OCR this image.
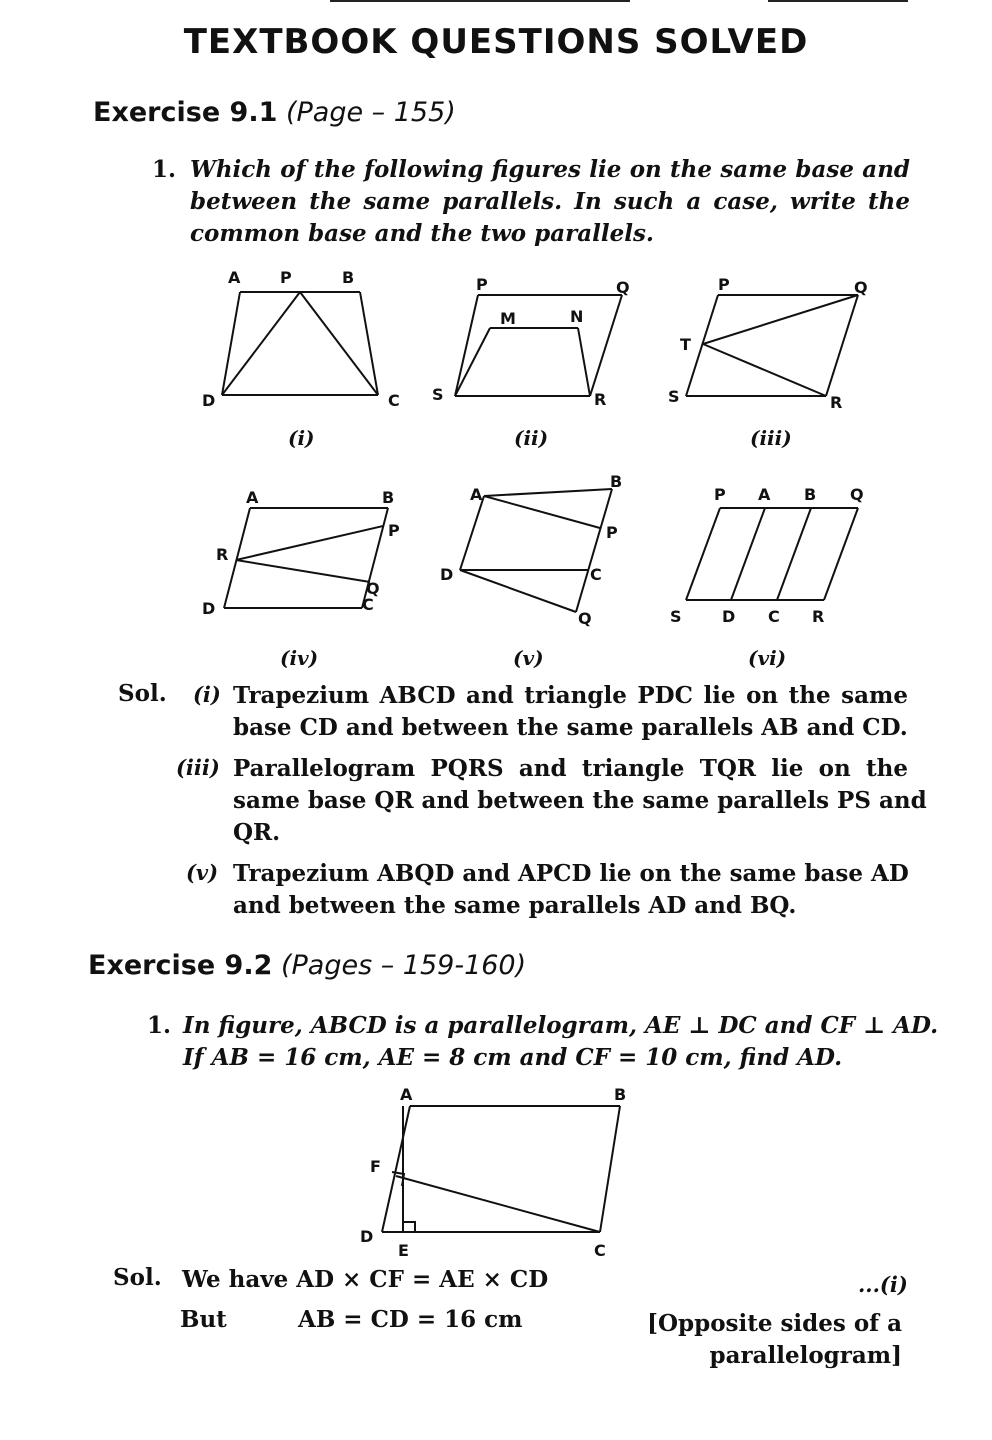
TEXTBOOK QUESTIONS SOLVED
Exercise 9.1 (Page – 155)
1. Which of the following figures lie on the same base and
between the same parallels. In such a case, write the
common base and the two parallels.
A P	B
D	C
(i)
P	Q
M	N
S	R
(ii)
P	Q
T
S	R
(iii)
A	B
P
R
Q
D	C
(iv)
A
B
P
D	C
Q
(v)
P A B Q
S	D C R
(vi)
Sol. (i) Trapezium ABCD and triangle PDC lie on the same
base CD and between the same parallels AB and CD.
(iii) Parallelogram PQRS and triangle TQR lie on the
same base QR and between the same parallels PS and
QR.
(v) Trapezium ABQD and APCD lie on the same base AD
and between the same parallels AD and BQ.
Exercise 9.2 (Pages – 159-160)
1. In figure, ABCD is a parallelogram, AE ⊥ DC and CF ⊥ AD.
If AB = 16 cm, AE = 8 cm and CF = 10 cm, find AD.
A	B
F
D
E	C
Sol. We have AD × CF = AE × CD	...(i)
But	AB = CD = 16 cm	[Opposite sides of a
parallelogram]
